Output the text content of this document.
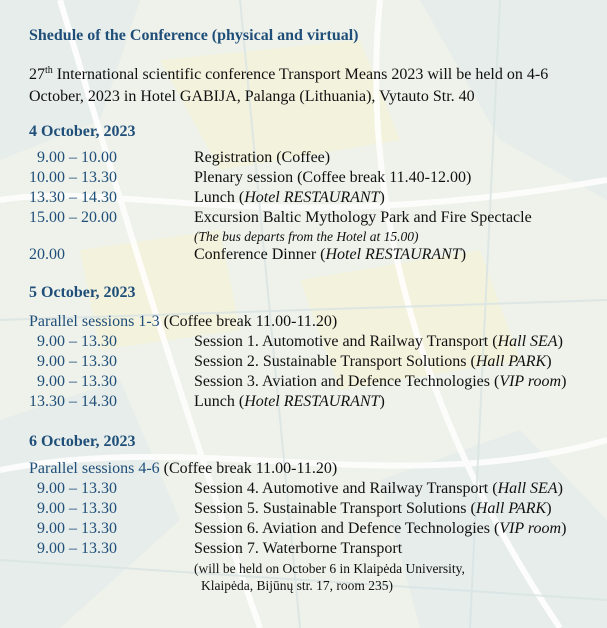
Shedule of the Conference (physical and virtual)
27th International scientific conference Transport Means 2023 will be held on 4-6
October, 2023 in Hotel GABIJA, Palanga (Lithuania), Vytauto Str. 40
4 October, 2023
9.00 – 10.00	Registration (Coffee)
10.00 – 13.30	Plenary session (Coffee break 11.40-12.00)
13.30 – 14.30	Lunch (Hotel RESTAURANT)
15.00 – 20.00	Excursion Baltic Mythology Park and Fire Spectacle
(The bus departs from the Hotel at 15.00)
20.00	Conference Dinner (Hotel RESTAURANT)
5 October, 2023
Parallel sessions 1-3 (Coffee break 11.00-11.20)
9.00 – 13.30	Session 1. Automotive and Railway Transport (Hall SEA)
9.00 – 13.30	Session 2. Sustainable Transport Solutions (Hall PARK)
9.00 – 13.30	Session 3. Aviation and Defence Technologies (VIP room)
13.30 – 14.30	Lunch (Hotel RESTAURANT)
6 October, 2023
Parallel sessions 4-6 (Coffee break 11.00-11.20)
9.00 – 13.30	Session 4. Automotive and Railway Transport (Hall SEA)
9.00 – 13.30	Session 5. Sustainable Transport Solutions (Hall PARK)
9.00 – 13.30	Session 6. Aviation and Defence Technologies (VIP room)
9.00 – 13.30	Session 7. Waterborne Transport
(will be held on October 6 in Klaipėda University,
Klaipėda, Bijūnų str. 17, room 235)
